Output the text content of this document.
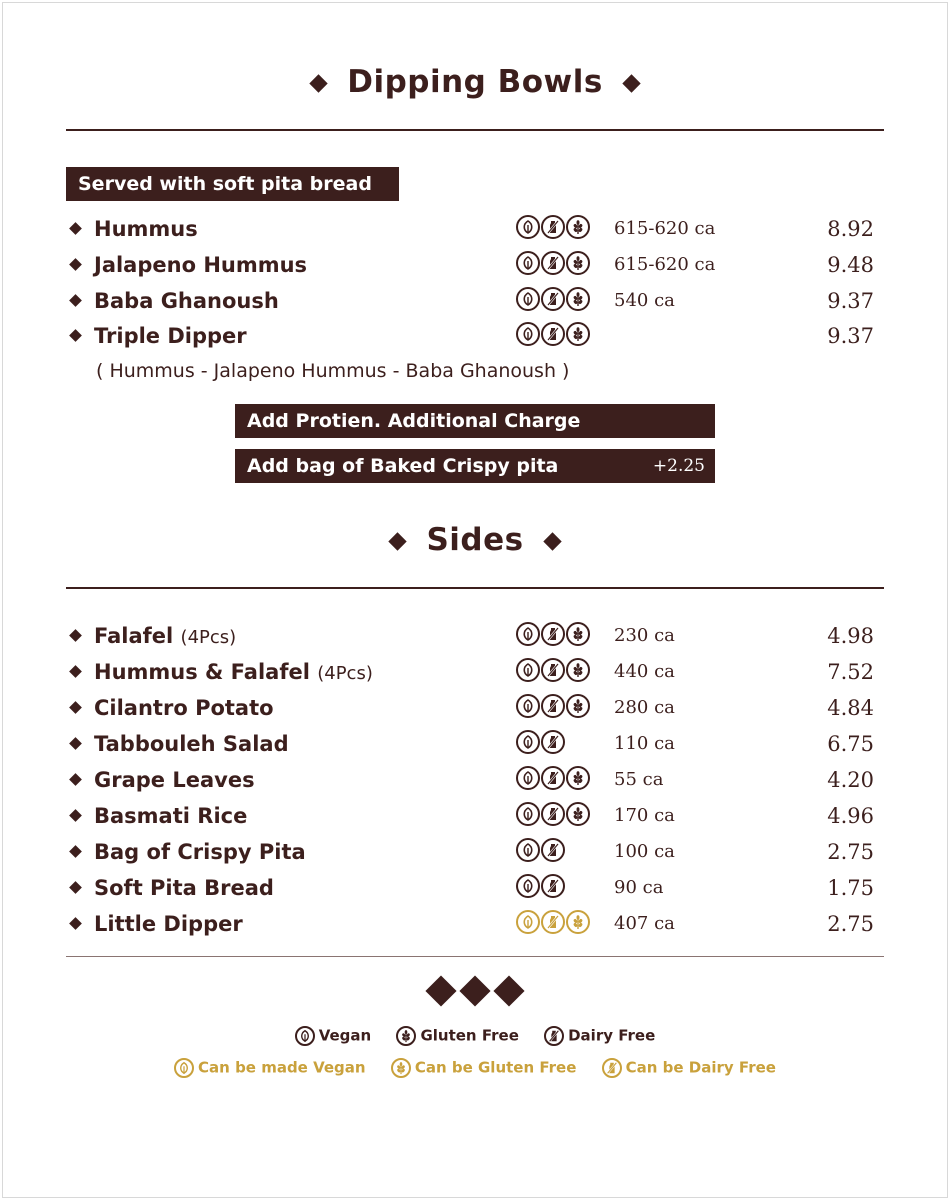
Dipping Bowls
Served with soft pita bread
Hummus	615-620 ca	8.92
Jalapeno Hummus	615-620 ca	9.48
Baba Ghanoush	540 ca	9.37
Triple Dipper	9.37
( Hummus - Jalapeno Hummus - Baba Ghanoush )
Add Protien. Additional Charge
Add bag of Baked Crispy pita	+2.25
Sides
Falafel (4Pcs)	230 ca	4.98
Hummus & Falafel (4Pcs)	440 ca	7.52
Cilantro Potato	280 ca	4.84
Tabbouleh Salad	110 ca	6.75
Grape Leaves	55 ca	4.20
Basmati Rice	170 ca	4.96
Bag of Crispy Pita	100 ca	2.75
Soft Pita Bread	90 ca	1.75
Little Dipper	407 ca	2.75
Vegan	Gluten Free	Dairy Free
Can be made Vegan	Can be Gluten Free	Can be Dairy Free
